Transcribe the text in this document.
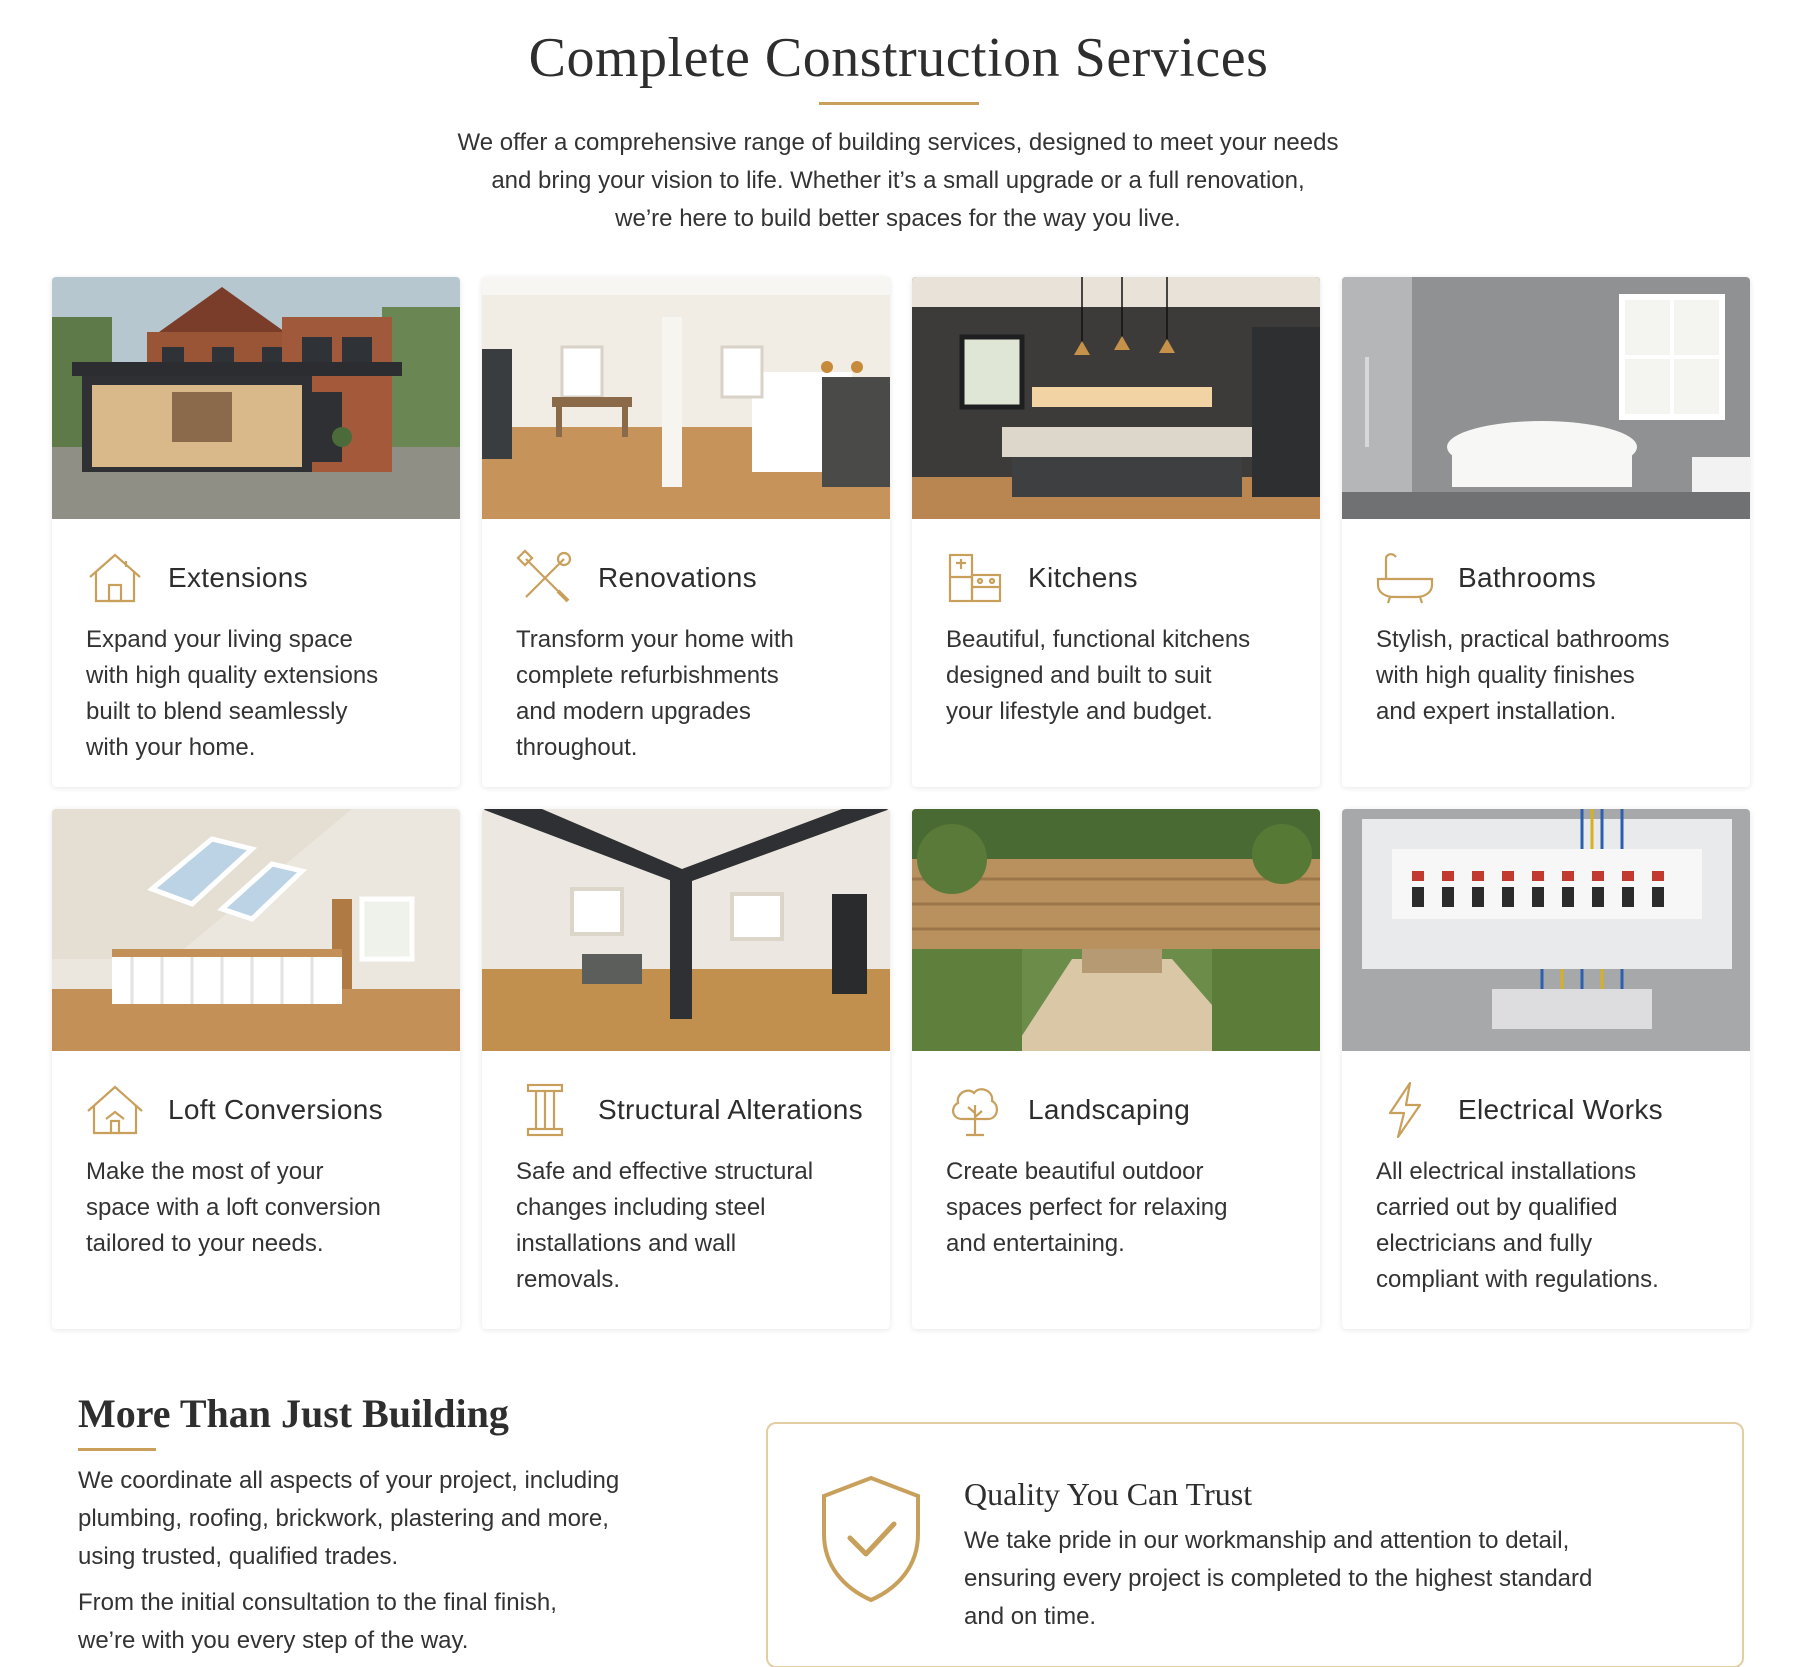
Complete Construction Services
We offer a comprehensive range of building services, designed to meet your needs
and bring your vision to life. Whether it’s a small upgrade or a full renovation,
we’re here to build better spaces for the way you live.
Extensions
Expand your living space
with high quality extensions
built to blend seamlessly
with your home.
Renovations
Transform your home with
complete refurbishments
and modern upgrades
throughout.
Kitchens
Beautiful, functional kitchens
designed and built to suit
your lifestyle and budget.
Bathrooms
Stylish, practical bathrooms
with high quality finishes
and expert installation.
Loft Conversions
Make the most of your
space with a loft conversion
tailored to your needs.
Structural Alterations
Safe and effective structural
changes including steel
installations and wall
removals.
Landscaping
Create beautiful outdoor
spaces perfect for relaxing
and entertaining.
Electrical Works
All electrical installations
carried out by qualified
electricians and fully
compliant with regulations.
More Than Just Building
We coordinate all aspects of your project, including
plumbing, roofing, brickwork, plastering and more,
using trusted, qualified trades.
From the initial consultation to the final finish,
we’re with you every step of the way.
Quality You Can Trust
We take pride in our workmanship and attention to detail,
ensuring every project is completed to the highest standard
and on time.
